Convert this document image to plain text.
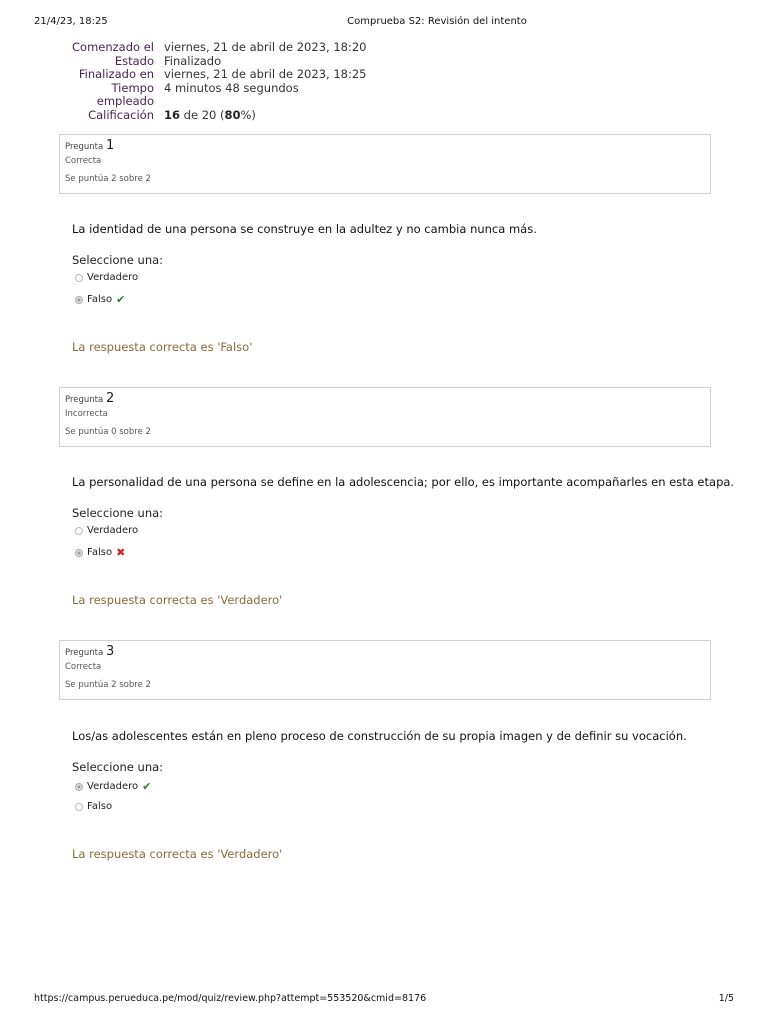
21/4/23, 18:25	Comprueba S2: Revisión del intento
Comenzado el viernes, 21 de abril de 2023, 18:20
Estado Finalizado
Finalizado en viernes, 21 de abril de 2023, 18:25
Tiempo
empleado
4 minutos 48 segundos
Calificación 16 de 20 (80%)
Pregunta 1
Correcta
Se puntúa 2 sobre 2
La identidad de una persona se construye en la adultez y no cambia nunca más.
Seleccione una:
Verdadero
Falso ✔
La respuesta correcta es 'Falso'
Pregunta 2
Incorrecta
Se puntúa 0 sobre 2
La personalidad de una persona se define en la adolescencia; por ello, es importante acompañarles en esta etapa.
Seleccione una:
Verdadero
Falso ✖
La respuesta correcta es 'Verdadero'
Pregunta 3
Correcta
Se puntúa 2 sobre 2
Los/as adolescentes están en pleno proceso de construcción de su propia imagen y de definir su vocación.
Seleccione una:
Verdadero ✔
Falso
La respuesta correcta es 'Verdadero'
https://campus.perueduca.pe/mod/quiz/review.php?attempt=553520&cmid=8176	1/5
